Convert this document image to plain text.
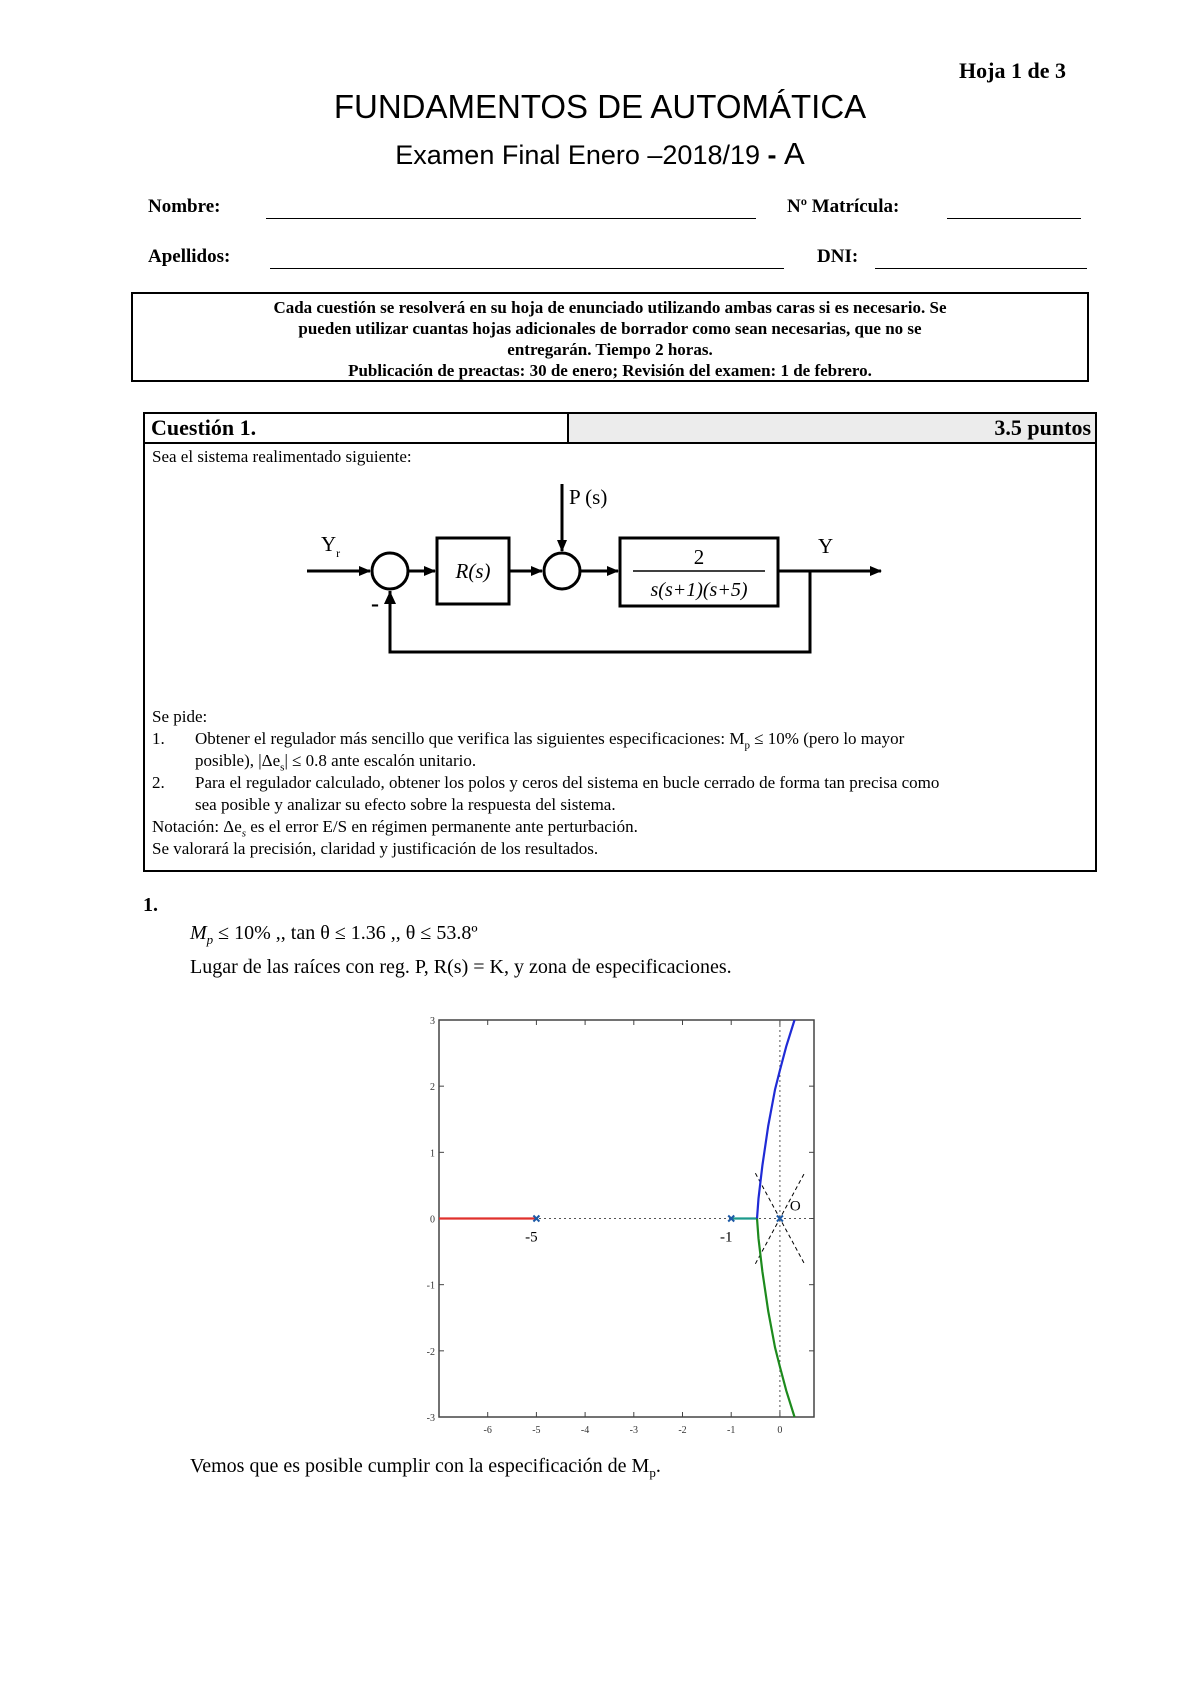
Hoja 1 de 3
FUNDAMENTOS DE AUTOMÁTICA
Examen Final Enero –2018/19 - A
Nombre:	Nº Matrícula:
Apellidos:	DNI:
Cada cuestión se resolverá en su hoja de enunciado utilizando ambas caras si es necesario. Se
pueden utilizar cuantas hojas adicionales de borrador como sean necesarias, que no se
entregarán. Tiempo 2 horas.
Publicación de preactas: 30 de enero; Revisión del examen: 1 de febrero.
Cuestión 1.	3.5 puntos
Sea el sistema realimentado siguiente:
$Y_r$
R(s)
P (s)
2
s(s+1)(s+5)
Y
-
Se pide:
1. Obtener el regulador más sencillo que verifica las siguientes especificaciones: $M_p \le 10\%$ (pero lo mayor
posible), $|\Delta e_s| \le 0.8$ ante escalón unitario.
2. Para el regulador calculado, obtener los polos y ceros del sistema en bucle cerrado de forma tan precisa como
sea posible y analizar su efecto sobre la respuesta del sistema.
Notación: $\Delta e_s$ es el error E/S en régimen permanente ante perturbación.
Se valorará la precisión, claridad y justificación de los resultados.
1.
$M_p \le 10\%$ ,, tan θ ≤ 1.36 ,, θ ≤ 53.8º
Lugar de las raíces con reg. P, R(s) = K, y zona de especificaciones.
-6	-5	-4	-3	-2	-1	0
3
2
1
0
-1
-2
-3
-5	-1
O
Vemos que es posible cumplir con la especificación de $M_p$.
